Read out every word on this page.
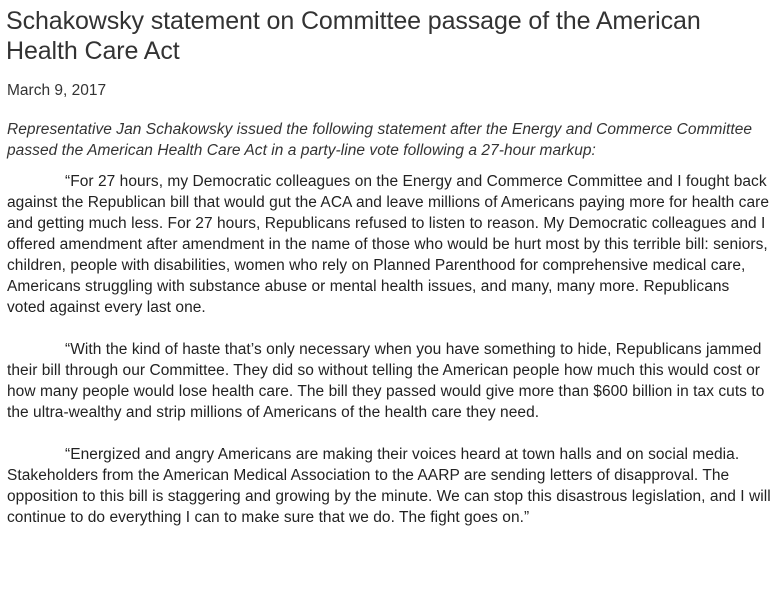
Schakowsky statement on Committee passage of the American Health Care Act
March 9, 2017

Representative Jan Schakowsky issued the following statement after the Energy and Commerce Committee passed the American Health Care Act in a party-line vote following a 27-hour markup:

“For 27 hours, my Democratic colleagues on the Energy and Commerce Committee and I fought back against the Republican bill that would gut the ACA and leave millions of Americans paying more for health care and getting much less. For 27 hours, Republicans refused to listen to reason. My Democratic colleagues and I offered amendment after amendment in the name of those who would be hurt most by this terrible bill: seniors, children, people with disabilities, women who rely on Planned Parenthood for comprehensive medical care, Americans struggling with substance abuse or mental health issues, and many, many more. Republicans voted against every last one.

“With the kind of haste that’s only necessary when you have something to hide, Republicans jammed their bill through our Committee. They did so without telling the American people how much this would cost or how many people would lose health care. The bill they passed would give more than $600 billion in tax cuts to the ultra-wealthy and strip millions of Americans of the health care they need.

“Energized and angry Americans are making their voices heard at town halls and on social media. Stakeholders from the American Medical Association to the AARP are sending letters of disapproval. The opposition to this bill is staggering and growing by the minute. We can stop this disastrous legislation, and I will continue to do everything I can to make sure that we do. The fight goes on.”
